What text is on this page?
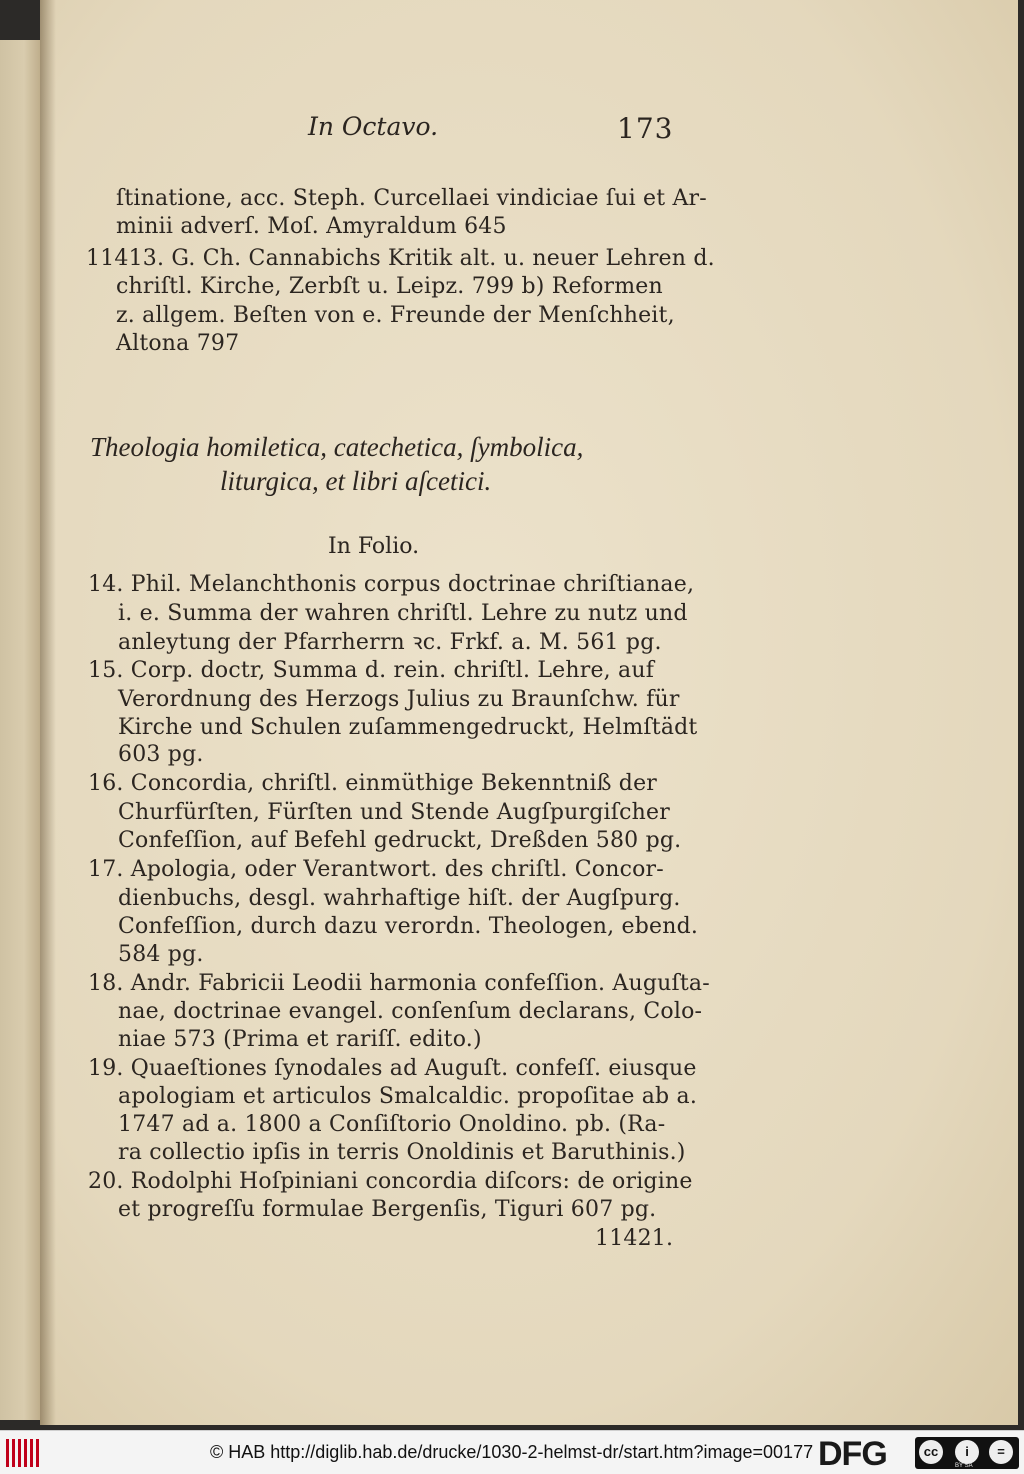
In Octavo.	173
ſtinatione, acc. Steph. Curcellaei vindiciae ſui et Ar-
minii adverſ. Moſ. Amyraldum 645
11413. G. Ch. Cannabichs Kritik alt. u. neuer Lehren d.
chriſtl. Kirche, Zerbſt u. Leipz. 799 b) Reformen
z. allgem. Beſten von e. Freunde der Menſchheit,
Altona 797
Theologia homiletica, catechetica, ſymbolica,
liturgica, et libri aſcetici.
In Folio.
14. Phil. Melanchthonis corpus doctrinae chriſtianae,
i. e. Summa der wahren chriſtl. Lehre zu nutz und
anleytung der Pfarrherrn ꝛc. Frkf. a. M. 561 pg.
15. Corp. doctr, Summa d. rein. chriſtl. Lehre, auf
Verordnung des Herzogs Julius zu Braunſchw. für
Kirche und Schulen zuſammengedruckt, Helmſtädt
603 pg.
16. Concordia, chriſtl. einmüthige Bekenntniß der
Churfürſten, Fürſten und Stende Augſpurgiſcher
Confeſſion, auf Befehl gedruckt, Dreßden 580 pg.
17. Apologia, oder Verantwort. des chriſtl. Concor-
dienbuchs, desgl. wahrhaftige hiſt. der Augſpurg.
Confeſſion, durch dazu verordn. Theologen, ebend.
584 pg.
18. Andr. Fabricii Leodii harmonia confeſſion. Auguſta-
nae, doctrinae evangel. conſenſum declarans, Colo-
niae 573 (Prima et rariſſ. edito.)
19. Quaeſtiones ſynodales ad Auguſt. confeſſ. eiusque
apologiam et articulos Smalcaldic. propoſitae ab a.
1747 ad a. 1800 a Conſiſtorio Onoldino. pb. (Ra-
ra collectio ipſis in terris Onoldinis et Baruthinis.)
20. Rodolphi Hoſpiniani concordia diſcors: de origine
et progreſſu formulae Bergenſis, Tiguri 607 pg.
11421.
© HAB http://diglib.hab.de/drucke/1030-2-helmst-dr/start.htm?image=00177 DFG	cc	i	=
BY SA
